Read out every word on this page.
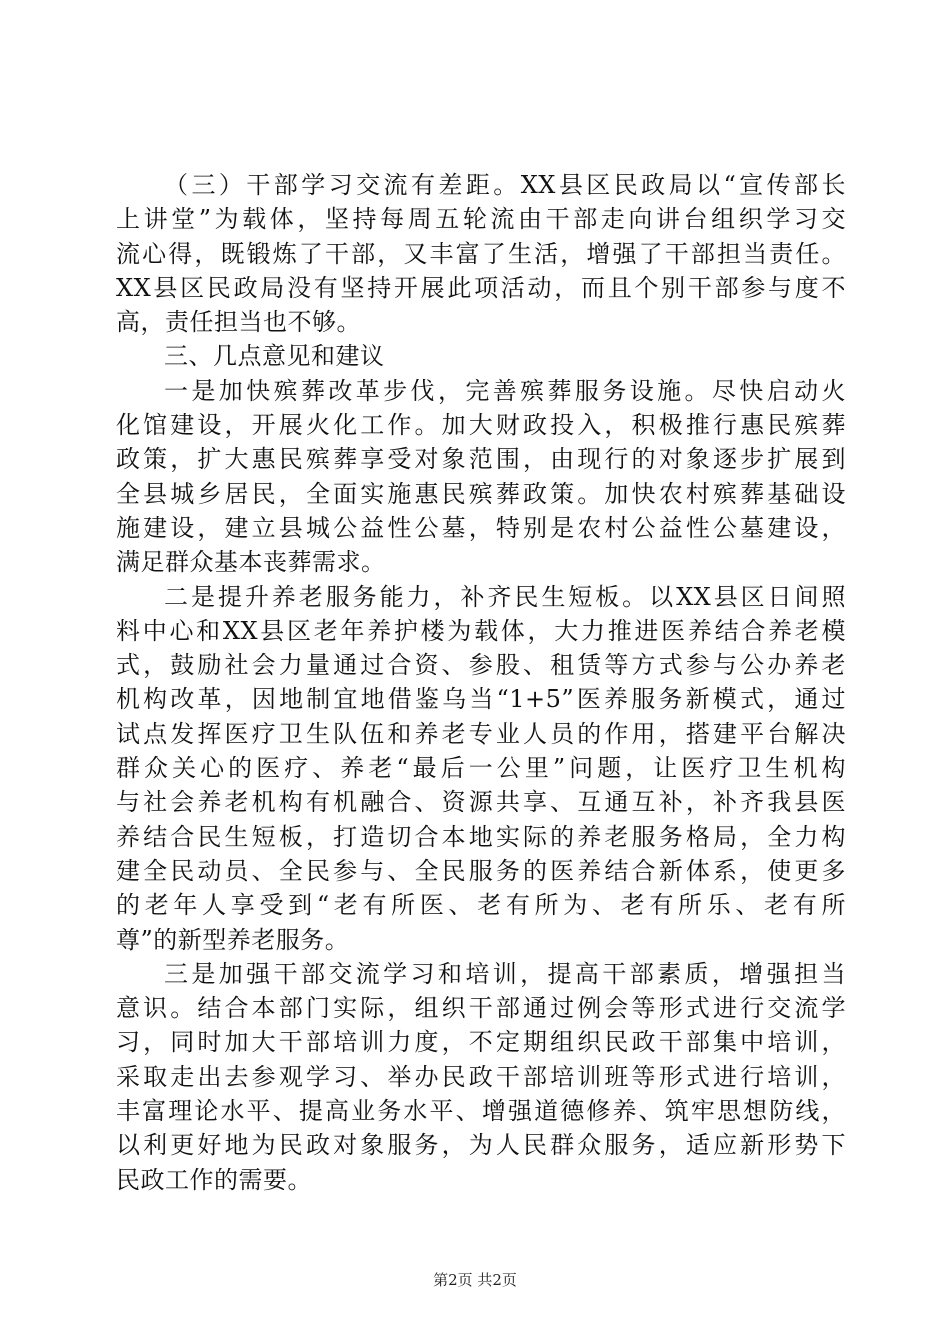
（三）干部学习交流有差距。XX县区民政局以“宣传部长
上讲堂”为载体，坚持每周五轮流由干部走向讲台组织学习交
流心得，既锻炼了干部，又丰富了生活，增强了干部担当责任。
XX县区民政局没有坚持开展此项活动，而且个别干部参与度不
高，责任担当也不够。
三、几点意见和建议
一是加快殡葬改革步伐，完善殡葬服务设施。尽快启动火
化馆建设，开展火化工作。加大财政投入，积极推行惠民殡葬
政策，扩大惠民殡葬享受对象范围，由现行的对象逐步扩展到
全县城乡居民，全面实施惠民殡葬政策。加快农村殡葬基础设
施建设，建立县城公益性公墓，特别是农村公益性公墓建设，
满足群众基本丧葬需求。
二是提升养老服务能力，补齐民生短板。以XX县区日间照
料中心和XX县区老年养护楼为载体，大力推进医养结合养老模
式，鼓励社会力量通过合资、参股、租赁等方式参与公办养老
机构改革，因地制宜地借鉴乌当“1+5”医养服务新模式，通过
试点发挥医疗卫生队伍和养老专业人员的作用，搭建平台解决
群众关心的医疗、养老“最后一公里”问题，让医疗卫生机构
与社会养老机构有机融合、资源共享、互通互补，补齐我县医
养结合民生短板，打造切合本地实际的养老服务格局，全力构
建全民动员、全民参与、全民服务的医养结合新体系，使更多
的老年人享受到“老有所医、老有所为、老有所乐、老有所
尊”的新型养老服务。
三是加强干部交流学习和培训，提高干部素质，增强担当
意识。结合本部门实际，组织干部通过例会等形式进行交流学
习，同时加大干部培训力度，不定期组织民政干部集中培训，
采取走出去参观学习、举办民政干部培训班等形式进行培训，
丰富理论水平、提高业务水平、增强道德修养、筑牢思想防线，
以利更好地为民政对象服务，为人民群众服务，适应新形势下
民政工作的需要。
第2页 共2页
